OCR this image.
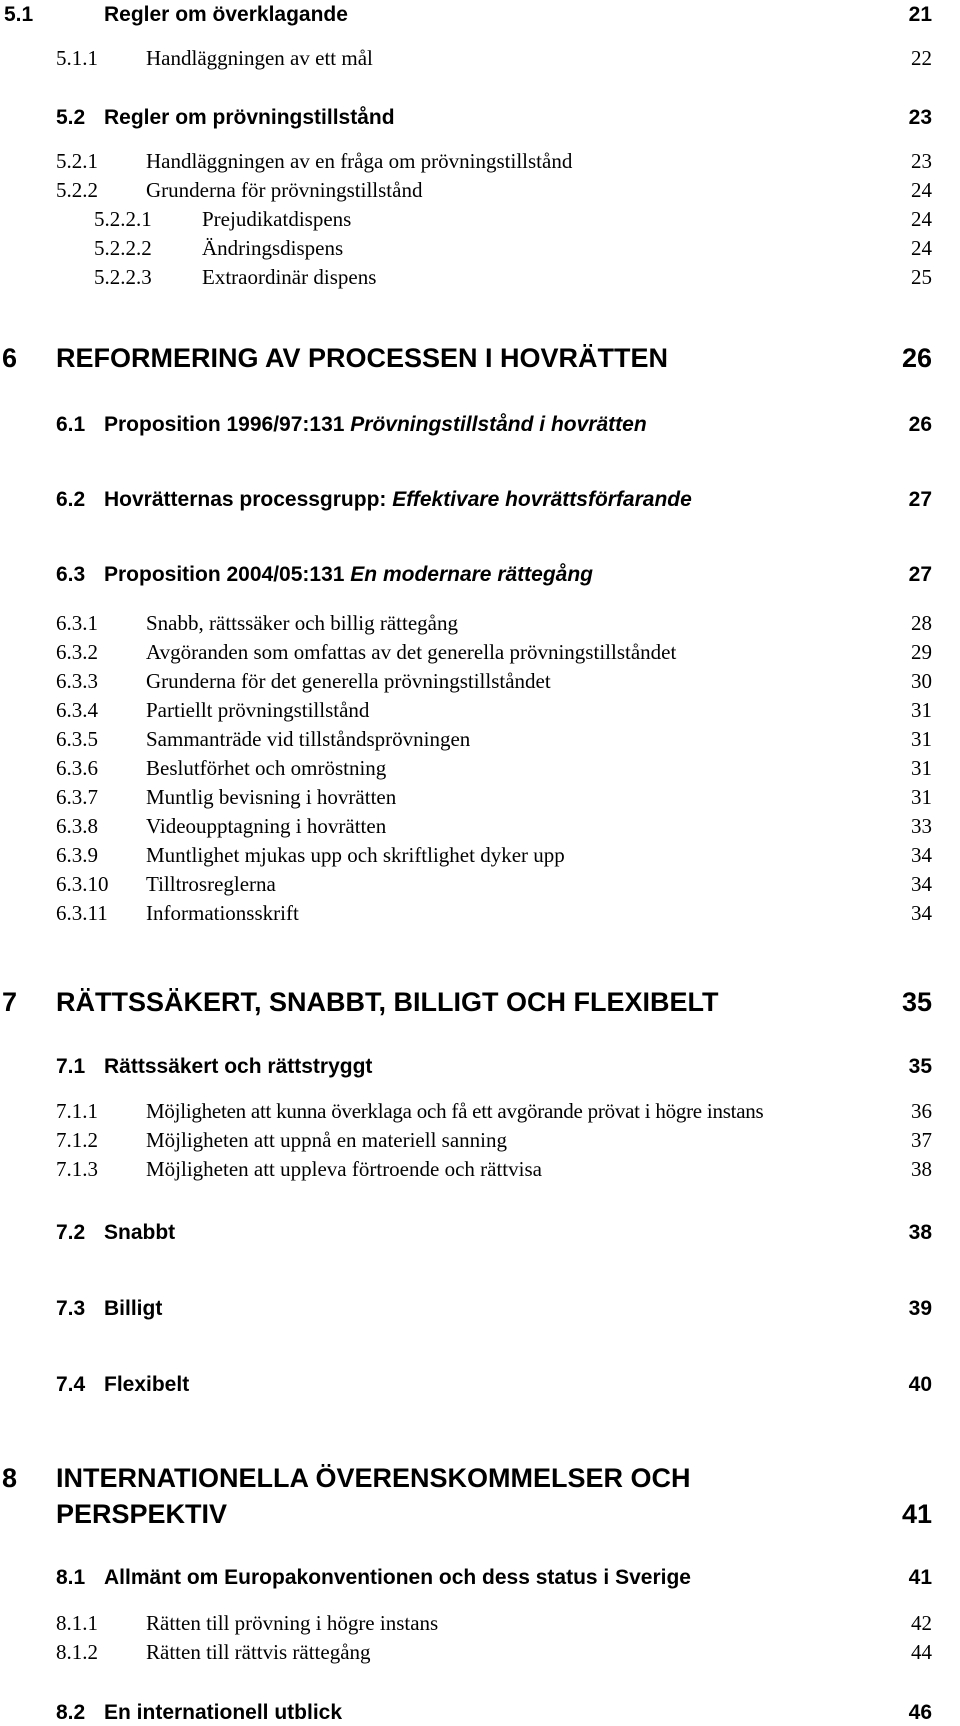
5.1	Regler om överklagande	21
5.1.1 Handläggningen av ett mål	22
5.2 Regler om prövningstillstånd	23
5.2.1 Handläggningen av en fråga om prövningstillstånd	23
5.2.2 Grunderna för prövningstillstånd	24
5.2.2.1 Prejudikatdispens	24
5.2.2.2 Ändringsdispens	24
5.2.2.3 Extraordinär dispens	25
6 REFORMERING AV PROCESSEN I HOVRÄTTEN	26
6.1 Proposition 1996/97:131 Prövningstillstånd i hovrätten	26
6.2 Hovrätternas processgrupp: Effektivare hovrättsförfarande	27
6.3 Proposition 2004/05:131 En modernare rättegång	27
6.3.1 Snabb, rättssäker och billig rättegång	28
6.3.2 Avgöranden som omfattas av det generella prövningstillståndet	29
6.3.3 Grunderna för det generella prövningstillståndet	30
6.3.4 Partiellt prövningstillstånd	31
6.3.5 Sammanträde vid tillståndsprövningen	31
6.3.6 Beslutförhet och omröstning	31
6.3.7 Muntlig bevisning i hovrätten	31
6.3.8 Videoupptagning i hovrätten	33
6.3.9 Muntlighet mjukas upp och skriftlighet dyker upp	34
6.3.10 Tilltrosreglerna	34
6.3.11 Informationsskrift	34
7 RÄTTSSÄKERT, SNABBT, BILLIGT OCH FLEXIBELT	35
7.1 Rättssäkert och rättstryggt	35
7.1.1 Möjligheten att kunna överklaga och få ett avgörande prövat i högre instans	36
7.1.2 Möjligheten att uppnå en materiell sanning	37
7.1.3 Möjligheten att uppleva förtroende och rättvisa	38
7.2 Snabbt	38
7.3 Billigt	39
7.4 Flexibelt	40
8 INTERNATIONELLA ÖVERENSKOMMELSER OCH
PERSPEKTIV	41
8.1 Allmänt om Europakonventionen och dess status i Sverige	41
8.1.1 Rätten till prövning i högre instans	42
8.1.2 Rätten till rättvis rättegång	44
8.2 En internationell utblick	46
